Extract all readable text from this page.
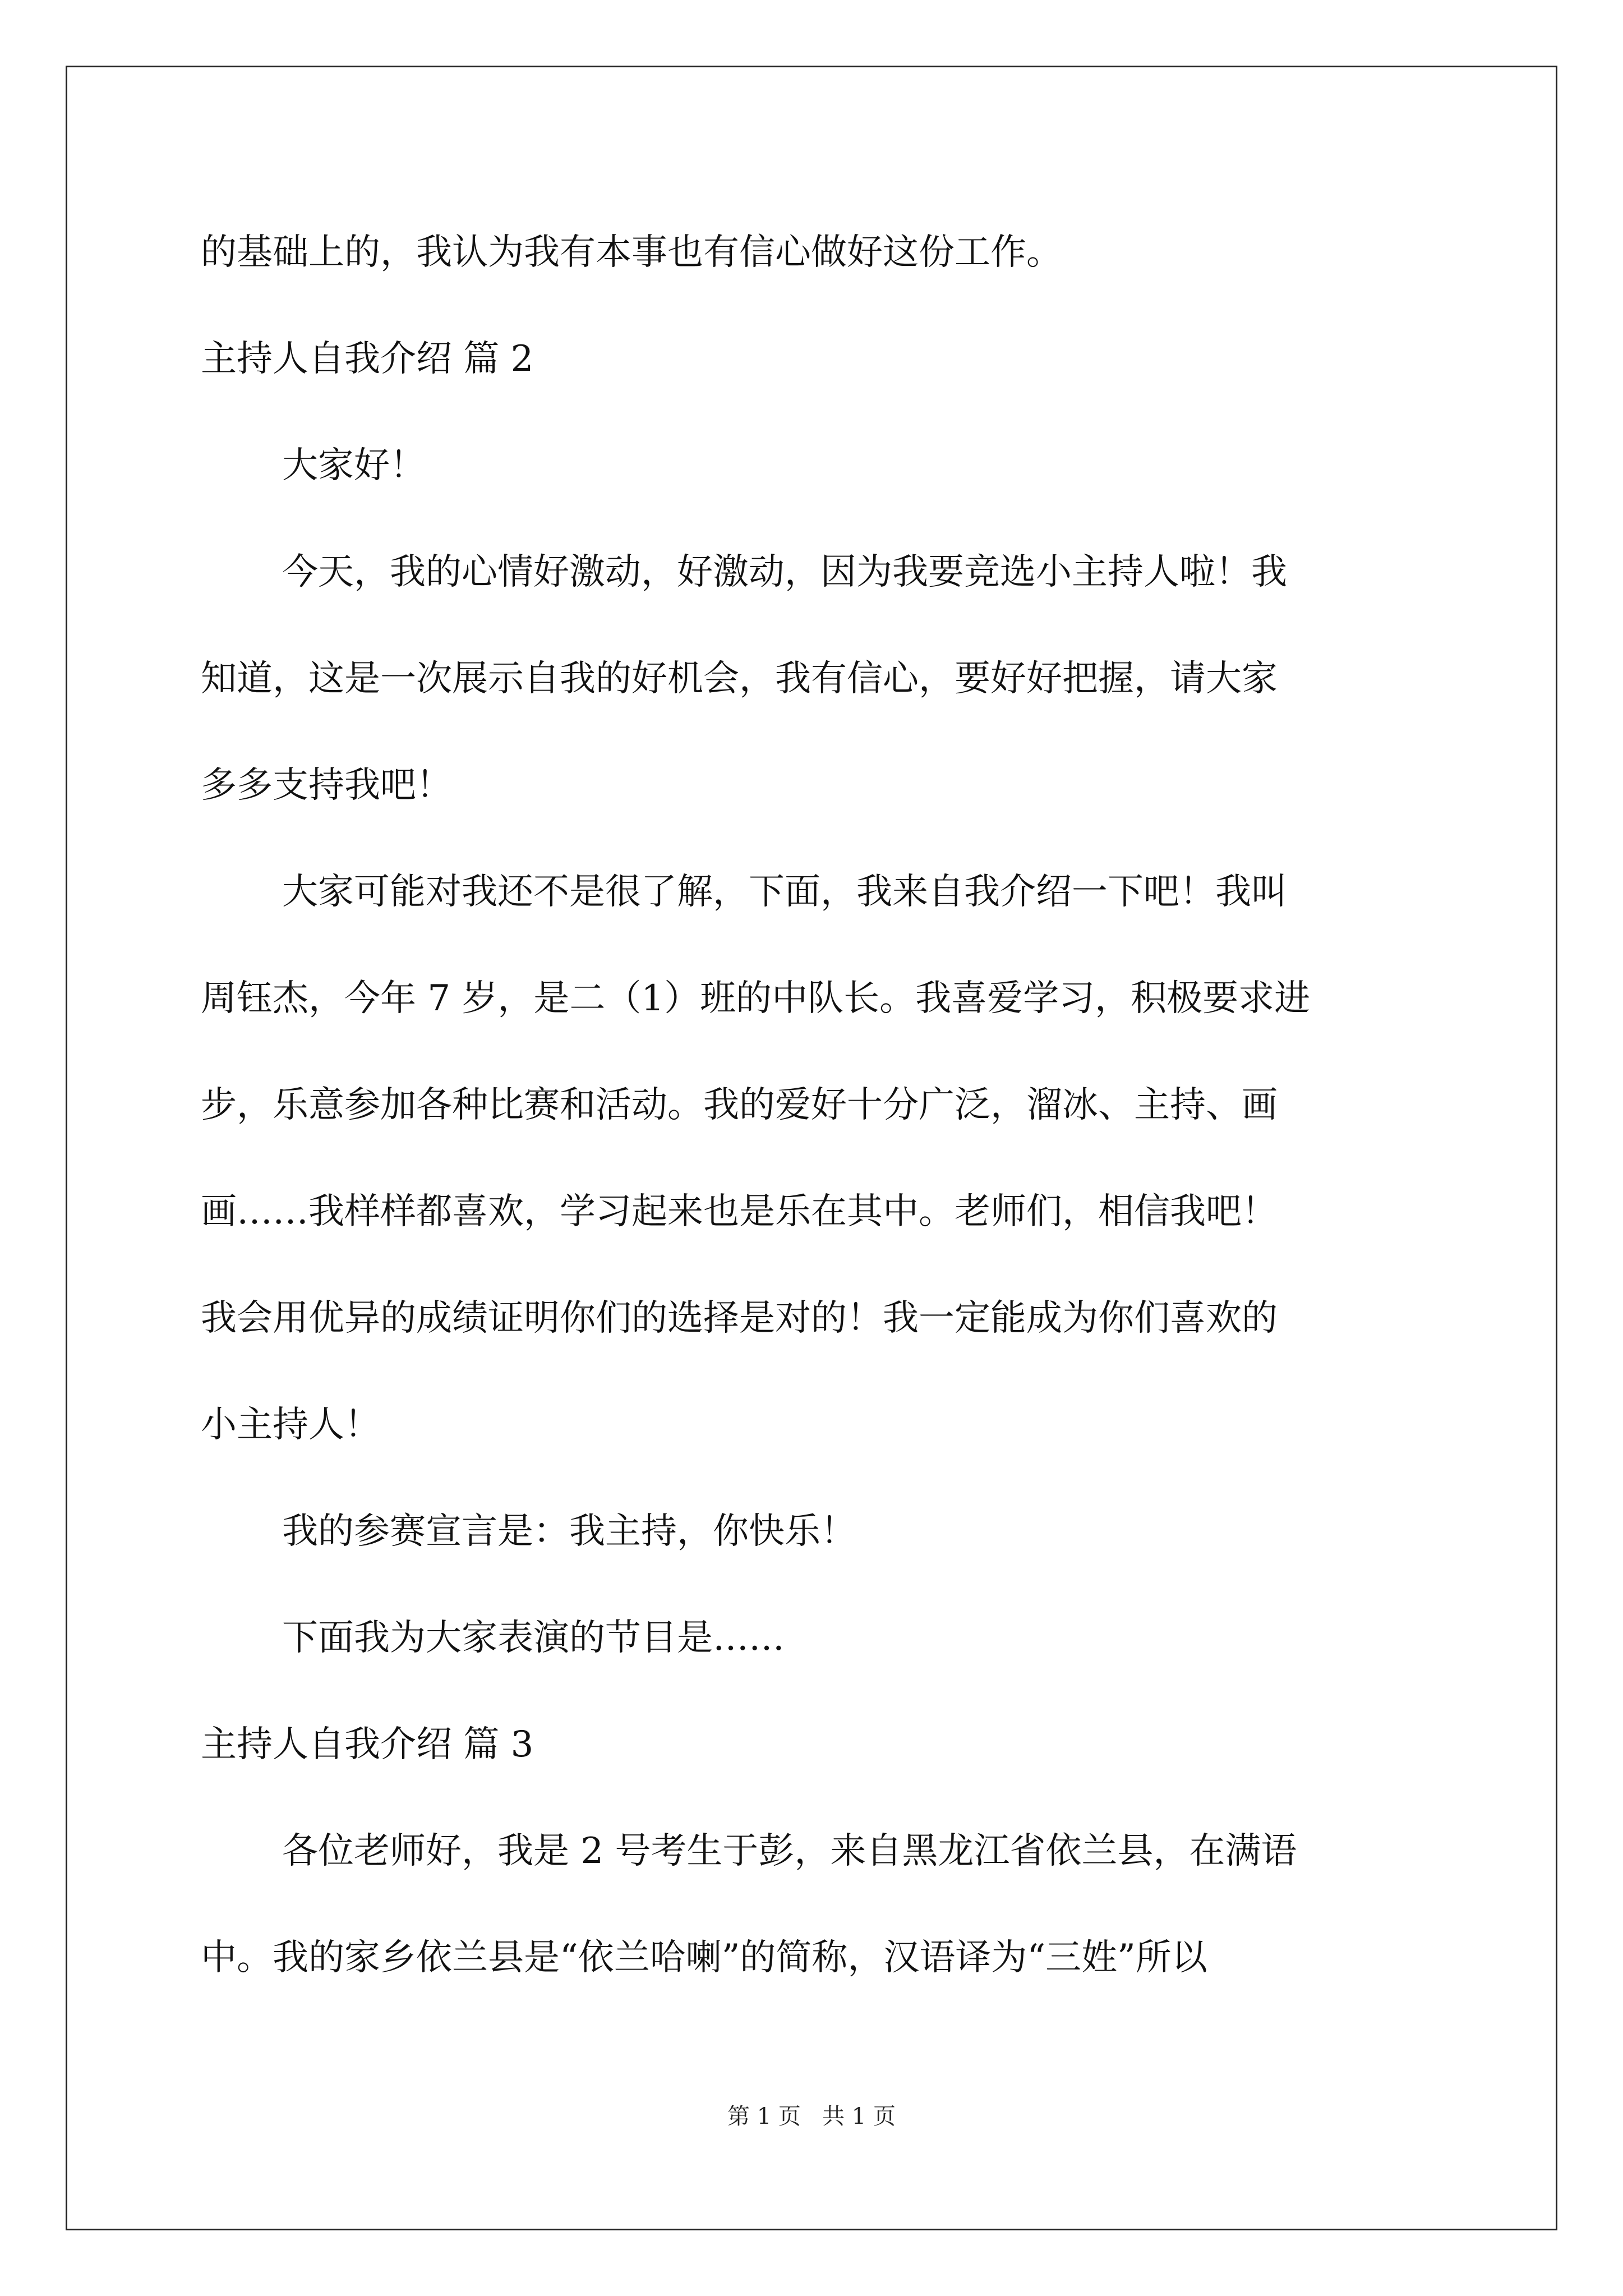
的基础上的，我认为我有本事也有信心做好这份工作。
主持人自我介绍 篇 2
大家好！
今天，我的心情好激动，好激动，因为我要竞选小主持人啦！我
知道，这是一次展示自我的好机会，我有信心，要好好把握，请大家
多多支持我吧！
大家可能对我还不是很了解，下面，我来自我介绍一下吧！我叫
周钰杰，今年 7 岁，是二（1）班的中队长。我喜爱学习，积极要求进
步，乐意参加各种比赛和活动。我的爱好十分广泛，溜冰、主持、画
画……我样样都喜欢，学习起来也是乐在其中。老师们，相信我吧！
我会用优异的成绩证明你们的选择是对的！我一定能成为你们喜欢的
小主持人！
我的参赛宣言是：我主持，你快乐！
下面我为大家表演的节目是……
主持人自我介绍 篇 3
各位老师好，我是 2 号考生于彭，来自黑龙江省依兰县，在满语
中。我的家乡依兰县是“依兰哈喇”的简称，汉语译为“三姓”所以
第 1 页   共 1 页
